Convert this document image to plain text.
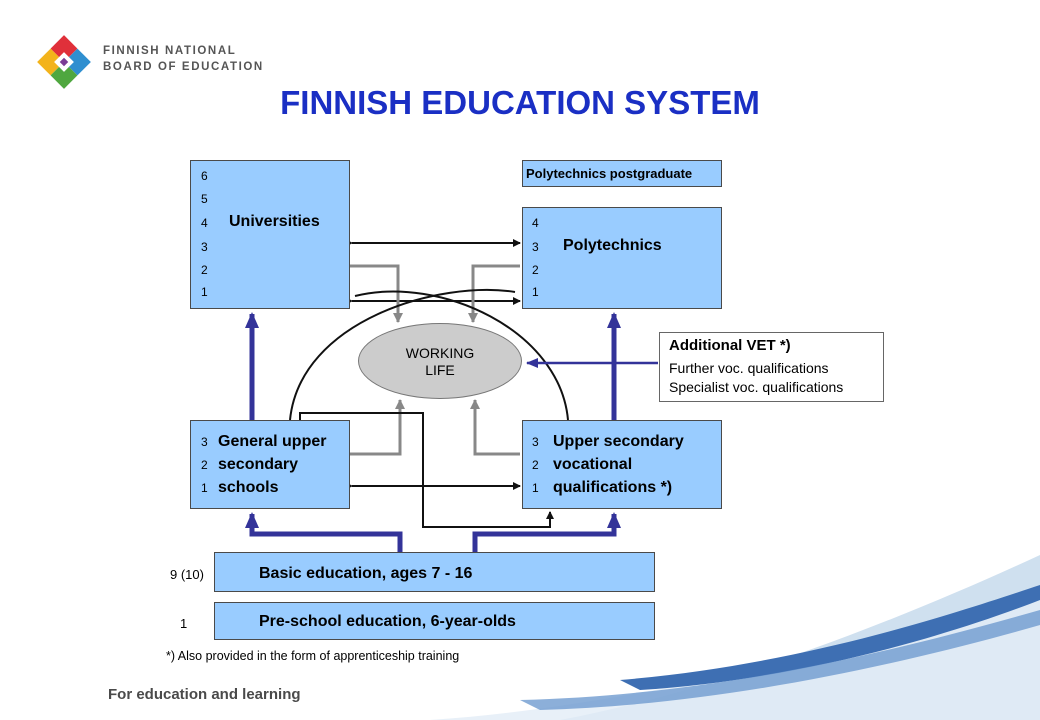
FINNISH NATIONAL
BOARD OF EDUCATION
FINNISH EDUCATION SYSTEM
6
5
4
3
2
1
Universities
Polytechnics postgraduate
4
3
2
1
Polytechnics
WORKING
LIFE
Additional VET *)
Further voc. qualifications
Specialist voc. qualifications
3
2
1
General upper
secondary
schools
3
2
1
Upper secondary
vocational
qualifications *)
9 (10)	Basic education, ages 7 - 16
1	Pre-school education, 6-year-olds
*) Also provided in the form of apprenticeship training
For education and learning
